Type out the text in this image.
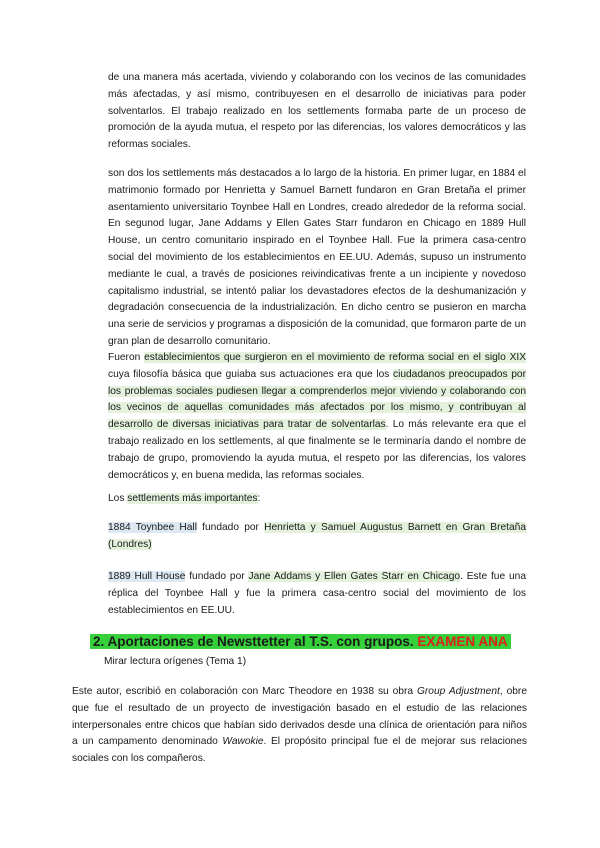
de una manera más acertada, viviendo y colaborando con los vecinos de las comunidades más afectadas, y así mismo, contribuyesen en el desarrollo de iniciativas para poder solventarlos. El trabajo realizado en los settlements formaba parte de un proceso de promoción de la ayuda mutua, el respeto por las diferencias, los valores democráticos y las reformas sociales.

son dos los settlements más destacados a lo largo de la historia. En primer lugar, en 1884 el matrimonio formado por Henrietta y Samuel Barnett fundaron en Gran Bretaña el primer asentamiento universitario Toynbee Hall en Londres, creado alrededor de la reforma social. En segunod lugar, Jane Addams y Ellen Gates Starr fundaron en Chicago en 1889 Hull House, un centro comunitario inspirado en el Toynbee Hall. Fue la primera casa-centro social del movimiento de los establecimientos en EE.UU. Además, supuso un instrumento mediante le cual, a través de posiciones reivindicativas frente a un incipiente y novedoso capitalismo industrial, se intentó paliar los devastadores efectos de la deshumanización y degradación consecuencia de la industrialización. En dicho centro se pusieron en marcha una serie de servicios y programas a disposición de la comunidad, que formaron parte de un gran plan de desarrollo comunitario.

Fueron establecimientos que surgieron en el movimiento de reforma social en el siglo XIX cuya filosofía básica que guiaba sus actuaciones era que los ciudadanos preocupados por los problemas sociales pudiesen llegar a comprenderlos mejor viviendo y colaborando con los vecinos de aquellas comunidades más afectados por los mismo, y contribuyan al desarrollo de diversas iniciativas para tratar de solventarlas. Lo más relevante era que el trabajo realizado en los settlements, al que finalmente se le terminaría dando el nombre de trabajo de grupo, promoviendo la ayuda mutua, el respeto por las diferencias, los valores democráticos y, en buena medida, las reformas sociales.

Los settlements más importantes:

1884 Toynbee Hall fundado por Henrietta y Samuel Augustus Barnett en Gran Bretaña (Londres)

1889 Hull House fundado por Jane Addams y Ellen Gates Starr en Chicago. Este fue una réplica del Toynbee Hall y fue la primera casa-centro social del movimiento de los establecimientos en EE.UU.

2. Aportaciones de Newsttetter al T.S. con grupos. EXAMEN ANA
Mirar lectura orígenes (Tema 1)

Este autor, escribió en colaboración con Marc Theodore en 1938 su obra Group Adjustment, obre que fue el resultado de un proyecto de investigación basado en el estudio de las relaciones interpersonales entre chicos que habían sido derivados desde una clínica de orientación para niños a un campamento denominado Wawokie. El propósito principal fue el de mejorar sus relaciones sociales con los compañeros.
